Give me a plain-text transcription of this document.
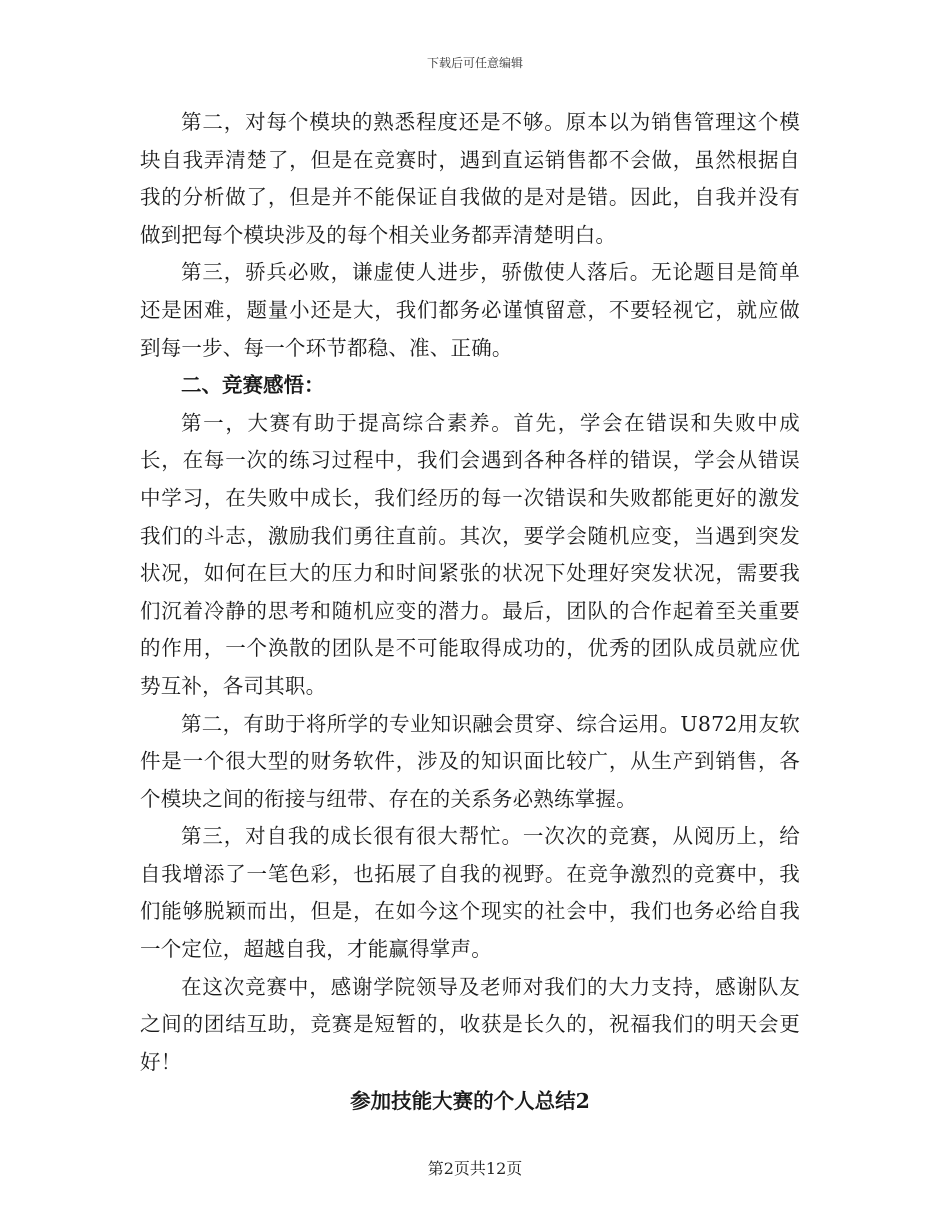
下载后可任意编辑

第二，对每个模块的熟悉程度还是不够。原本以为销售管理这个模块自我弄清楚了，但是在竞赛时，遇到直运销售都不会做，虽然根据自我的分析做了，但是并不能保证自我做的是对是错。因此，自我并没有做到把每个模块涉及的每个相关业务都弄清楚明白。

第三，骄兵必败，谦虚使人进步，骄傲使人落后。无论题目是简单还是困难，题量小还是大，我们都务必谨慎留意，不要轻视它，就应做到每一步、每一个环节都稳、准、正确。

二、竞赛感悟：

第一，大赛有助于提高综合素养。首先，学会在错误和失败中成长，在每一次的练习过程中，我们会遇到各种各样的错误，学会从错误中学习，在失败中成长，我们经历的每一次错误和失败都能更好的激发我们的斗志，激励我们勇往直前。其次，要学会随机应变，当遇到突发状况，如何在巨大的压力和时间紧张的状况下处理好突发状况，需要我们沉着冷静的思考和随机应变的潜力。最后，团队的合作起着至关重要的作用，一个涣散的团队是不可能取得成功的，优秀的团队成员就应优势互补，各司其职。

第二，有助于将所学的专业知识融会贯穿、综合运用。U872用友软件是一个很大型的财务软件，涉及的知识面比较广，从生产到销售，各个模块之间的衔接与纽带、存在的关系务必熟练掌握。

第三，对自我的成长很有很大帮忙。一次次的竞赛，从阅历上，给自我增添了一笔色彩，也拓展了自我的视野。在竞争激烈的竞赛中，我们能够脱颖而出，但是，在如今这个现实的社会中，我们也务必给自我一个定位，超越自我，才能赢得掌声。

在这次竞赛中，感谢学院领导及老师对我们的大力支持，感谢队友之间的团结互助，竞赛是短暂的，收获是长久的，祝福我们的明天会更好！

参加技能大赛的个人总结2

第2页共12页
